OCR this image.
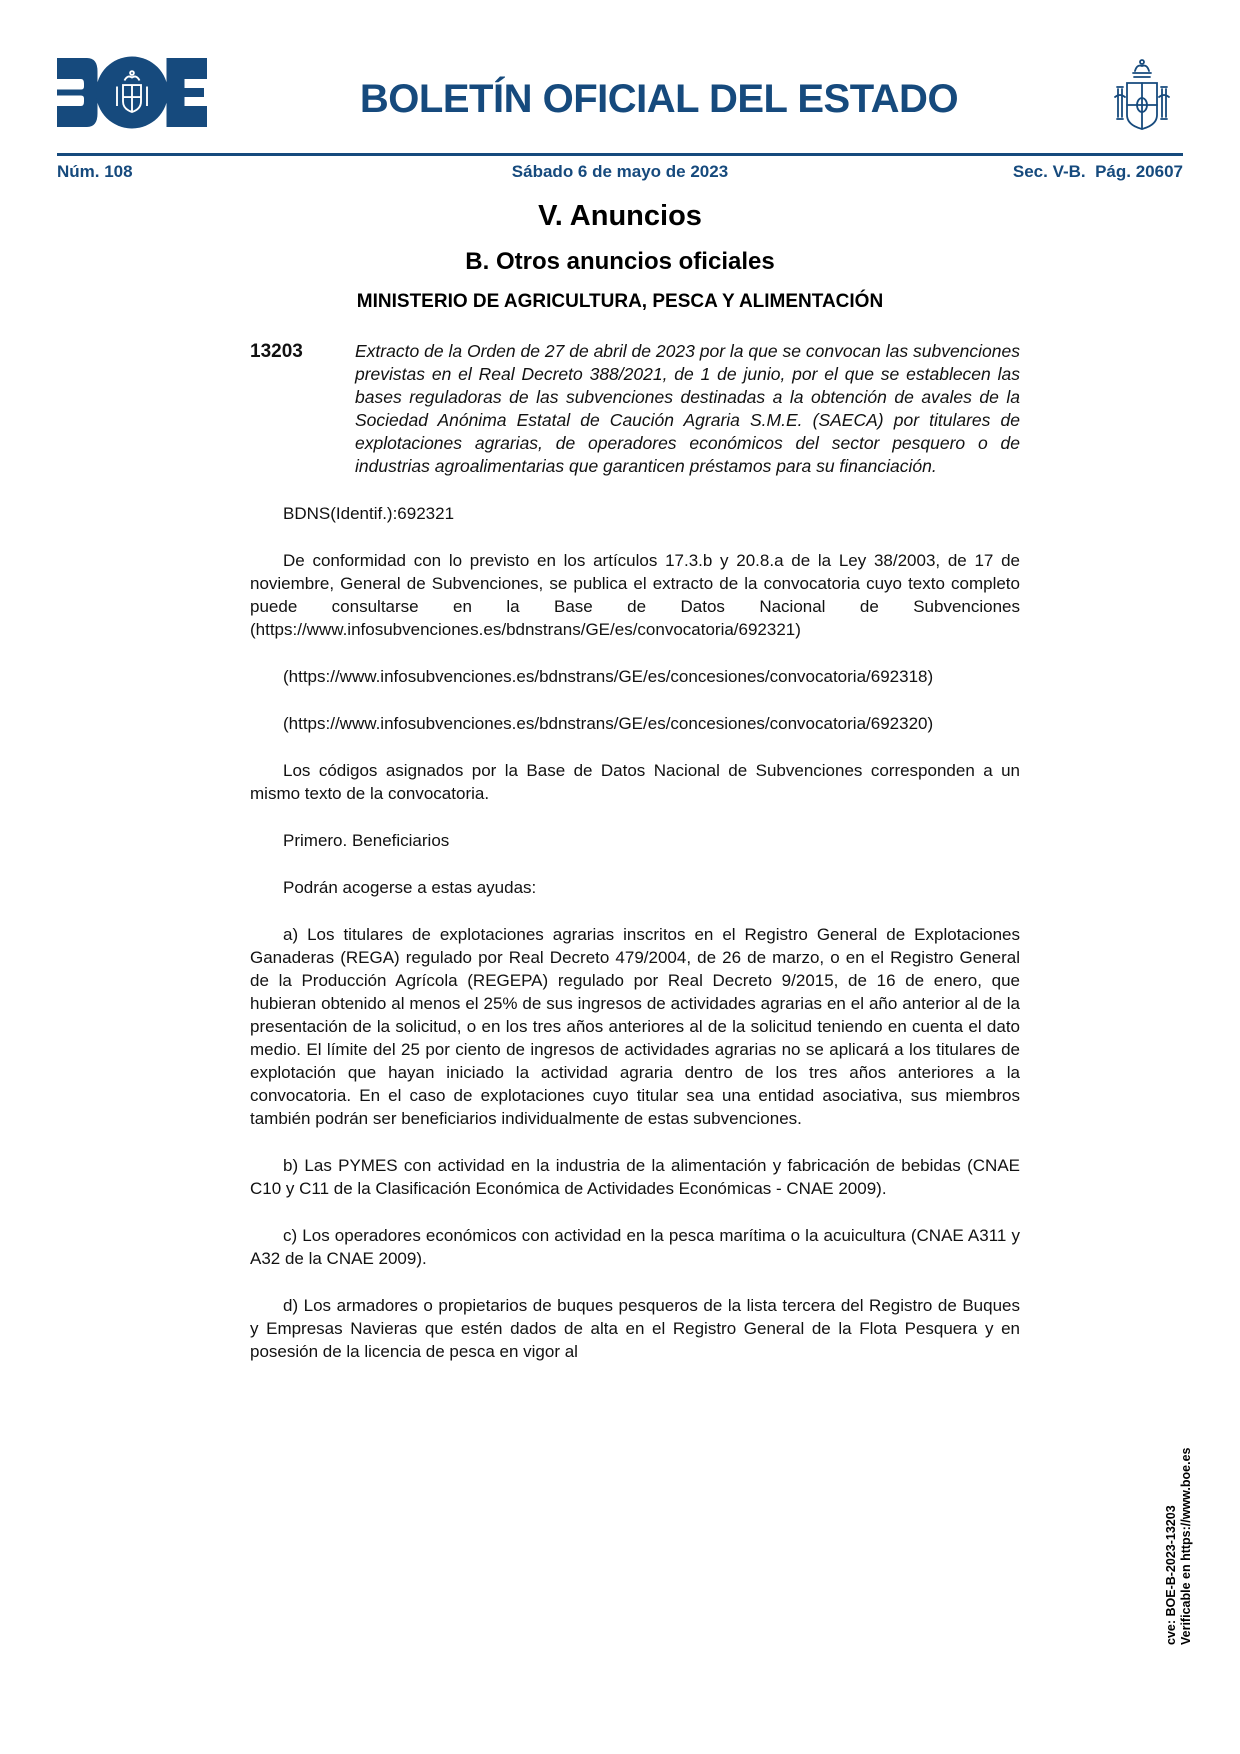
BOLETÍN OFICIAL DEL ESTADO
Núm. 108	Sábado 6 de mayo de 2023	Sec. V-B.  Pág. 20607
V. Anuncios
B. Otros anuncios oficiales
MINISTERIO DE AGRICULTURA, PESCA Y ALIMENTACIÓN
13203	Extracto de la Orden de 27 de abril de 2023 por la que se convocan las subvenciones previstas en el Real Decreto 388/2021, de 1 de junio, por el que se establecen las bases reguladoras de las subvenciones destinadas a la obtención de avales de la Sociedad Anónima Estatal de Caución Agraria S.M.E. (SAECA) por titulares de explotaciones agrarias, de operadores económicos del sector pesquero o de industrias agroalimentarias que garanticen préstamos para su financiación.

BDNS(Identif.):692321

De conformidad con lo previsto en los artículos 17.3.b y 20.8.a de la Ley 38/2003, de 17 de noviembre, General de Subvenciones, se publica el extracto de la convocatoria cuyo texto completo puede consultarse en la Base de Datos Nacional de Subvenciones (https://www.infosubvenciones.es/bdnstrans/GE/es/convocatoria/692321)

(https://www.infosubvenciones.es/bdnstrans/GE/es/concesiones/convocatoria/692318)

(https://www.infosubvenciones.es/bdnstrans/GE/es/concesiones/convocatoria/692320)

Los códigos asignados por la Base de Datos Nacional de Subvenciones corresponden a un mismo texto de la convocatoria.

Primero. Beneficiarios

Podrán acogerse a estas ayudas:

a) Los titulares de explotaciones agrarias inscritos en el Registro General de Explotaciones Ganaderas (REGA) regulado por Real Decreto 479/2004, de 26 de marzo, o en el Registro General de la Producción Agrícola (REGEPA) regulado por Real Decreto 9/2015, de 16 de enero, que hubieran obtenido al menos el 25% de sus ingresos de actividades agrarias en el año anterior al de la presentación de la solicitud, o en los tres años anteriores al de la solicitud teniendo en cuenta el dato medio. El límite del 25 por ciento de ingresos de actividades agrarias no se aplicará a los titulares de explotación que hayan iniciado la actividad agraria dentro de los tres años anteriores a la convocatoria. En el caso de explotaciones cuyo titular sea una entidad asociativa, sus miembros también podrán ser beneficiarios individualmente de estas subvenciones.

b) Las PYMES con actividad en la industria de la alimentación y fabricación de bebidas (CNAE C10 y C11 de la Clasificación Económica de Actividades Económicas - CNAE 2009).

c) Los operadores económicos con actividad en la pesca marítima o la acuicultura (CNAE A311 y A32 de la CNAE 2009).

d) Los armadores o propietarios de buques pesqueros de la lista tercera del Registro de Buques y Empresas Navieras que estén dados de alta en el Registro General de la Flota Pesquera y en posesión de la licencia de pesca en vigor al

cve: BOE-B-2023-13203 Verificable en https://www.boe.es
